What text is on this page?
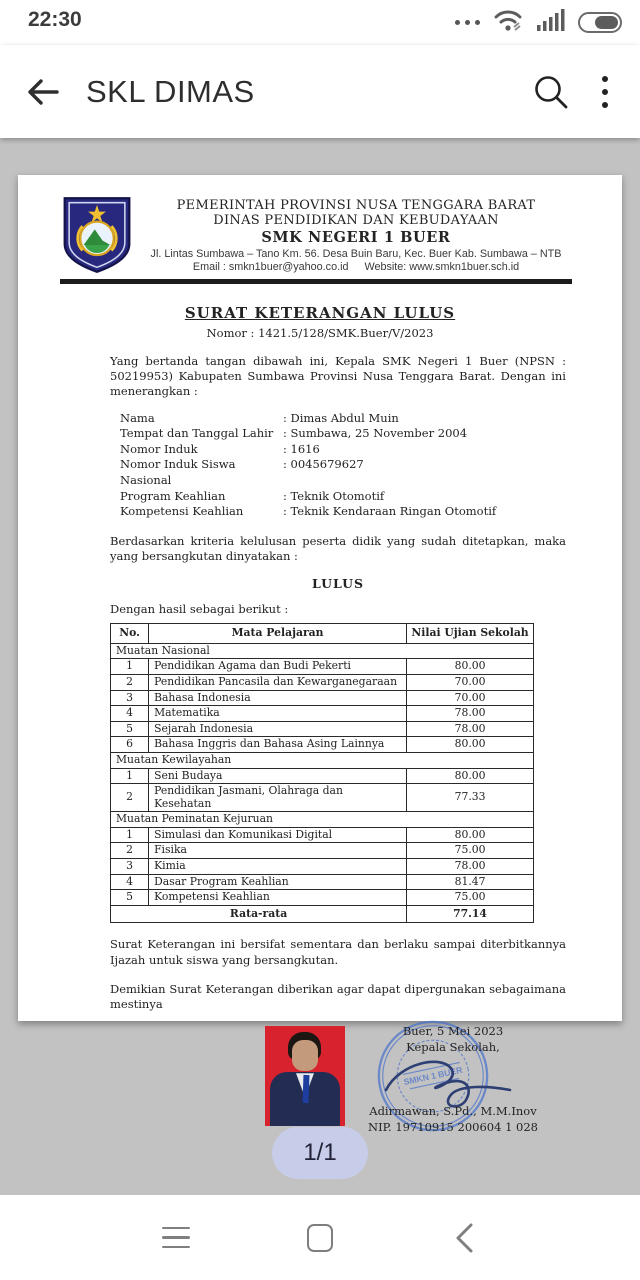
22:30
SKL DIMAS
PEMERINTAH PROVINSI NUSA TENGGARA BARAT
DINAS PENDIDIKAN DAN KEBUDAYAAN
SMK NEGERI 1 BUER
Jl. Lintas Sumbawa – Tano Km. 56. Desa Buin Baru, Kec. Buer Kab. Sumbawa – NTB
Email : smkn1buer@yahoo.co.id Website: www.smkn1buer.sch.id
SURAT KETERANGAN LULUS
Nomor : 1421.5/128/SMK.Buer/V/2023

Yang bertanda tangan dibawah ini, Kepala SMK Negeri 1 Buer (NPSN : 50219953) Kabupaten Sumbawa Provinsi Nusa Tenggara Barat. Dengan ini menerangkan :

Nama	: Dimas Abdul Muin
Tempat dan Tanggal Lahir : Sumbawa, 25 November 2004
Nomor Induk	: 1616
Nomor Induk Siswa Nasional
: 0045679627
Program Keahlian	: Teknik Otomotif
Kompetensi Keahlian	: Teknik Kendaraan Ringan Otomotif

Berdasarkan kriteria kelulusan peserta didik yang sudah ditetapkan, maka yang bersangkutan dinyatakan :

LULUS
Dengan hasil sebagai berikut :
No.	Mata Pelajaran	Nilai Ujian Sekolah
Muatan Nasional		
1	Pendidikan Agama dan Budi Pekerti	80.00
2	Pendidikan Pancasila dan Kewarganegaraan	70.00
3	Bahasa Indonesia	70.00
4	Matematika	78.00
5	Sejarah Indonesia	78.00
6	Bahasa Inggris dan Bahasa Asing Lainnya	80.00
Muatan Kewilayahan		
1	Seni Budaya	80.00
2	Pendidikan Jasmani, Olahraga dan Kesehatan	77.33
Muatan Peminatan Kejuruan		
1	Simulasi dan Komunikasi Digital	80.00
2	Fisika	75.00
3	Kimia	78.00
4	Dasar Program Keahlian	81.47
5	Kompetensi Keahlian	75.00
Rata-rata		77.14

Surat Keterangan ini bersifat sementara dan berlaku sampai diterbitkannya Ijazah untuk siswa yang bersangkutan.

Demikian Surat Keterangan diberikan agar dapat dipergunakan sebagaimana mestinya

SMKN 1 BUER
Buer, 5 Mei 2023
Kepala Sekolah,
Adirmawan, S.Pd., M.M.Inov
NIP. 19710915 200604 1 028
1/1
